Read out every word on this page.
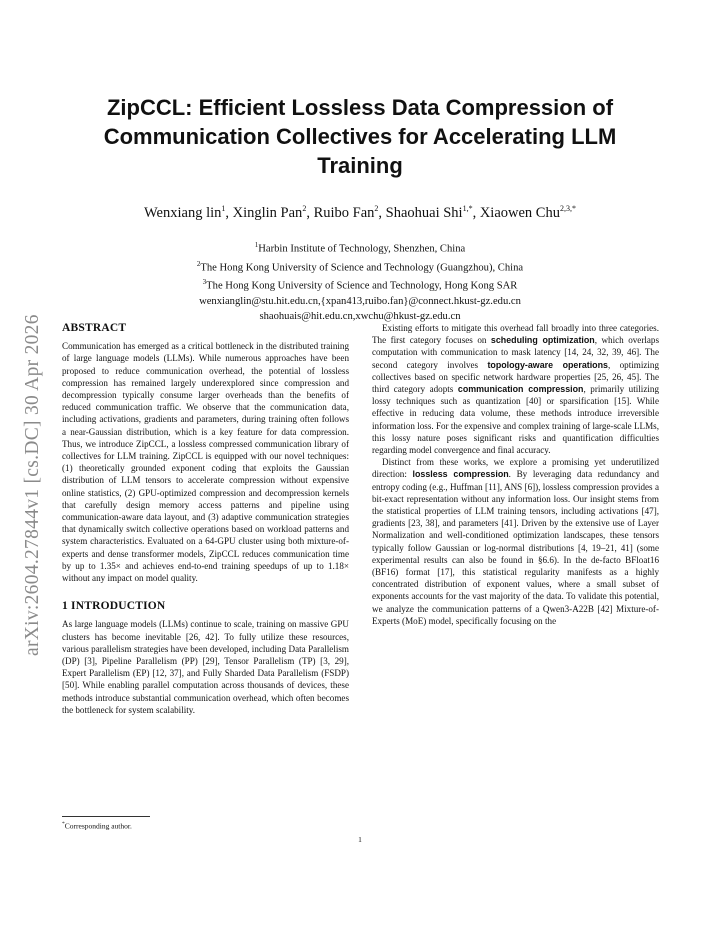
arXiv:2604.27844v1 [cs.DC] 30 Apr 2026
ZipCCL: Efficient Lossless Data Compression of Communication Collectives for Accelerating LLM Training
Wenxiang lin$^1$, Xinglin Pan$^2$, Ruibo Fan$^2$, Shaohuai Shi$^{1,*}$, Xiaowen Chu$^{2,3,*}$
$^1$Harbin Institute of Technology, Shenzhen, China
$^2$The Hong Kong University of Science and Technology (Guangzhou), China
$^3$The Hong Kong University of Science and Technology, Hong Kong SAR
wenxianglin@stu.hit.edu.cn,{xpan413,ruibo.fan}@connect.hkust-gz.edu.cn
shaohuais@hit.edu.cn,xwchu@hkust-gz.edu.cn
ABSTRACT

Communication has emerged as a critical bottleneck in the distributed training of large language models (LLMs). While numerous approaches have been proposed to reduce communication overhead, the potential of lossless compression has remained largely underexplored since compression and decompression typically consume larger overheads than the benefits of reduced communication traffic. We observe that the communication data, including activations, gradients and parameters, during training often follows a near-Gaussian distribution, which is a key feature for data compression. Thus, we introduce ZipCCL, a lossless compressed communication library of collectives for LLM training. ZipCCL is equipped with our novel techniques: (1) theoretically grounded exponent coding that exploits the Gaussian distribution of LLM tensors to accelerate compression without expensive online statistics, (2) GPU-optimized compression and decompression kernels that carefully design memory access patterns and pipeline using communication-aware data layout, and (3) adaptive communication strategies that dynamically switch collective operations based on workload patterns and system characteristics. Evaluated on a 64-GPU cluster using both mixture-of-experts and dense transformer models, ZipCCL reduces communication time by up to 1.35× and achieves end-to-end training speedups of up to 1.18× without any impact on model quality.

1 INTRODUCTION

As large language models (LLMs) continue to scale, training on massive GPU clusters has become inevitable [26, 42]. To fully utilize these resources, various parallelism strategies have been developed, including Data Parallelism (DP) [3], Pipeline Parallelism (PP) [29], Tensor Parallelism (TP) [3, 29], Expert Parallelism (EP) [12, 37], and Fully Sharded Data Parallelism (FSDP) [50]. While enabling parallel computation across thousands of devices, these methods introduce substantial communication overhead, which often becomes the bottleneck for system scalability.

Existing efforts to mitigate this overhead fall broadly into three categories. The first category focuses on scheduling optimization, which overlaps computation with communication to mask latency [14, 24, 32, 39, 46]. The second category involves topology-aware operations, optimizing collectives based on specific network hardware properties [25, 26, 45]. The third category adopts communication compression, primarily utilizing lossy techniques such as quantization [40] or sparsification [15]. While effective in reducing data volume, these methods introduce irreversible information loss. For the expensive and complex training of large-scale LLMs, this lossy nature poses significant risks and quantification difficulties regarding model convergence and final accuracy.

Distinct from these works, we explore a promising yet underutilized direction: lossless compression. By leveraging data redundancy and entropy coding (e.g., Huffman [11], ANS [6]), lossless compression provides a bit-exact representation without any information loss. Our insight stems from the statistical properties of LLM training tensors, including activations [47], gradients [23, 38], and parameters [41]. Driven by the extensive use of Layer Normalization and well-conditioned optimization landscapes, these tensors typically follow Gaussian or log-normal distributions [4, 19–21, 41] (some experimental results can also be found in §6.6). In the de-facto BFloat16 (BF16) format [17], this statistical regularity manifests as a highly concentrated distribution of exponent values, where a small subset of exponents accounts for the vast majority of the data. To validate this potential, we analyze the communication patterns of a Qwen3-A22B [42] Mixture-of-Experts (MoE) model, specifically focusing on the

*Corresponding author.
1
